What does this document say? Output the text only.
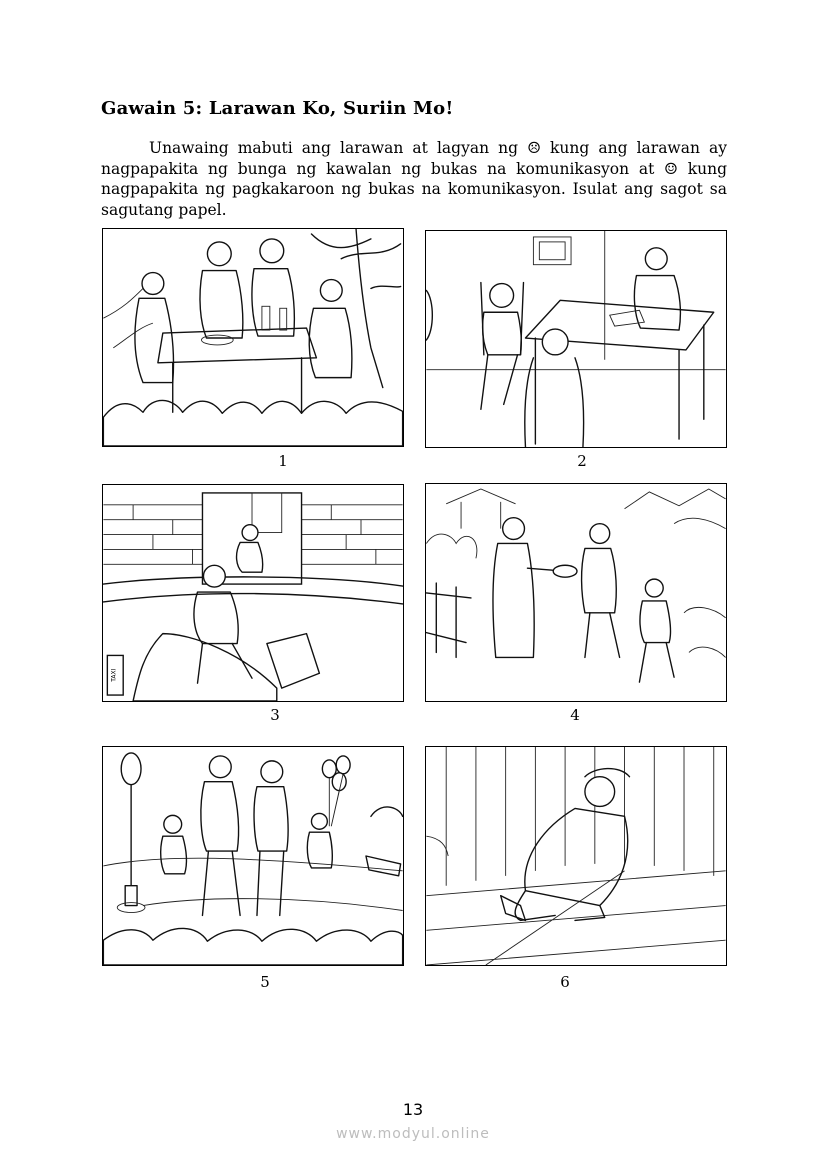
Gawain 5: Larawan Ko, Suriin Mo!

Unawaing mabuti ang larawan at lagyan ng ☹ kung ang larawan ay nagpapakita ng bunga ng kawalan ng bukas na komunikasyon at ☺ kung nagpapakita ng pagkakaroon ng bukas na komunikasyon. Isulat ang sagot sa sagutang papel.

1	2
TAXI
3	4
5	6
13
www.modyul.online
